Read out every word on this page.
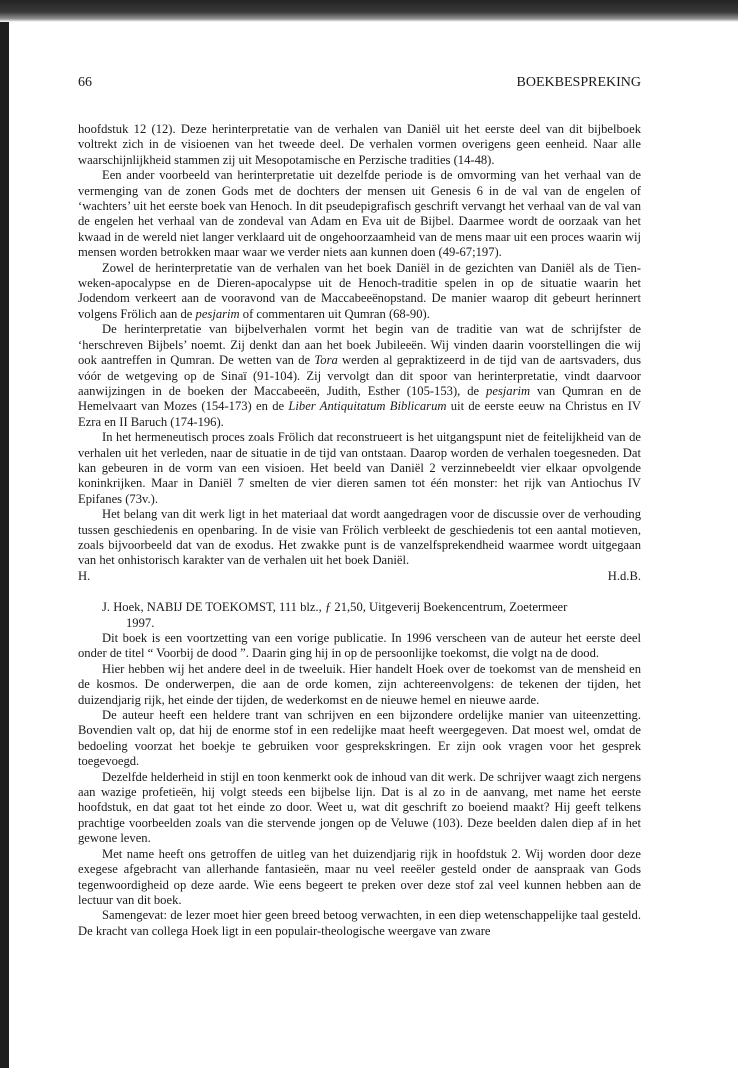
66	BOEKBESPREKING

hoofdstuk 12 (12). Deze herinterpretatie van de verhalen van Daniël uit het eerste deel van dit bijbelboek voltrekt zich in de visioenen van het tweede deel. De verhalen vormen overigens geen eenheid. Naar alle waarschijnlijkheid stammen zij uit Mesopotamische en Perzische tradities (14-48).

Een ander voorbeeld van herinterpretatie uit dezelfde periode is de omvorming van het verhaal van de vermenging van de zonen Gods met de dochters der mensen uit Genesis 6 in de val van de engelen of ‘wachters’ uit het eerste boek van Henoch. In dit pseudepigrafisch geschrift vervangt het verhaal van de val van de engelen het verhaal van de zondeval van Adam en Eva uit de Bijbel. Daarmee wordt de oorzaak van het kwaad in de wereld niet langer verklaard uit de ongehoorzaamheid van de mens maar uit een proces waarin wij mensen worden betrokken maar waar we verder niets aan kunnen doen (49-67;197).

Zowel de herinterpretatie van de verhalen van het boek Daniël in de gezichten van Daniël als de Tien-weken-apocalypse en de Dieren-apocalypse uit de Henoch-traditie spelen in op de situatie waarin het Jodendom verkeert aan de vooravond van de Maccabeeënopstand. De manier waarop dit gebeurt herinnert volgens Frölich aan de pesjarim of commentaren uit Qumran (68-90).

De herinterpretatie van bijbelverhalen vormt het begin van de traditie van wat de schrijfster de ‘herschreven Bijbels’ noemt. Zij denkt dan aan het boek Jubileeën. Wij vinden daarin voorstellingen die wij ook aantreffen in Qumran. De wetten van de Tora werden al gepraktizeerd in de tijd van de aartsvaders, dus vóór de wetgeving op de Sinaï (91-104). Zij vervolgt dan dit spoor van herinterpretatie, vindt daarvoor aanwijzingen in de boeken der Maccabeeën, Judith, Esther (105-153), de pesjarim van Qumran en de Hemelvaart van Mozes (154-173) en de Liber Antiquitatum Biblicarum uit de eerste eeuw na Christus en IV Ezra en II Baruch (174-196).

In het hermeneutisch proces zoals Frölich dat reconstrueert is het uitgangspunt niet de feitelijkheid van de verhalen uit het verleden, naar de situatie in de tijd van ontstaan. Daarop worden de verhalen toegesneden. Dat kan gebeuren in de vorm van een visioen. Het beeld van Daniël 2 verzinnebeeldt vier elkaar opvolgende koninkrijken. Maar in Daniël 7 smelten de vier dieren samen tot één monster: het rijk van Antiochus IV Epifanes (73v.).

Het belang van dit werk ligt in het materiaal dat wordt aangedragen voor de discussie over de verhouding tussen geschiedenis en openbaring. In de visie van Frölich verbleekt de geschiedenis tot een aantal motieven, zoals bijvoorbeeld dat van de exodus. Het zwakke punt is de vanzelfsprekendheid waarmee wordt uitgegaan van het onhistorisch karakter van de verhalen uit het boek Daniël.

H.	H.d.B.
J. Hoek, NABIJ DE TOEKOMST, 111 blz., ƒ 21,50, Uitgeverij Boekencentrum, Zoetermeer
1997.

Dit boek is een voortzetting van een vorige publicatie. In 1996 verscheen van de auteur het eerste deel onder de titel “ Voorbij de dood ”. Daarin ging hij in op de persoonlijke toekomst, die volgt na de dood.

Hier hebben wij het andere deel in de tweeluik. Hier handelt Hoek over de toekomst van de mensheid en de kosmos. De onderwerpen, die aan de orde komen, zijn achtereenvolgens: de tekenen der tijden, het duizendjarig rijk, het einde der tijden, de wederkomst en de nieuwe hemel en nieuwe aarde.

De auteur heeft een heldere trant van schrijven en een bijzondere ordelijke manier van uiteenzetting. Bovendien valt op, dat hij de enorme stof in een redelijke maat heeft weergegeven. Dat moest wel, omdat de bedoeling voorzat het boekje te gebruiken voor gesprekskringen. Er zijn ook vragen voor het gesprek toegevoegd.

Dezelfde helderheid in stijl en toon kenmerkt ook de inhoud van dit werk. De schrijver waagt zich nergens aan wazige profetieën, hij volgt steeds een bijbelse lijn. Dat is al zo in de aanvang, met name het eerste hoofdstuk, en dat gaat tot het einde zo door. Weet u, wat dit geschrift zo boeiend maakt? Hij geeft telkens prachtige voorbeelden zoals van die stervende jongen op de Veluwe (103). Deze beelden dalen diep af in het gewone leven.

Met name heeft ons getroffen de uitleg van het duizendjarig rijk in hoofdstuk 2. Wij worden door deze exegese afgebracht van allerhande fantasieën, maar nu veel reeëler gesteld onder de aanspraak van Gods tegenwoordigheid op deze aarde. Wie eens begeert te preken over deze stof zal veel kunnen hebben aan de lectuur van dit boek.

Samengevat: de lezer moet hier geen breed betoog verwachten, in een diep wetenschappelijke taal gesteld. De kracht van collega Hoek ligt in een populair-theologische weergave van zware
